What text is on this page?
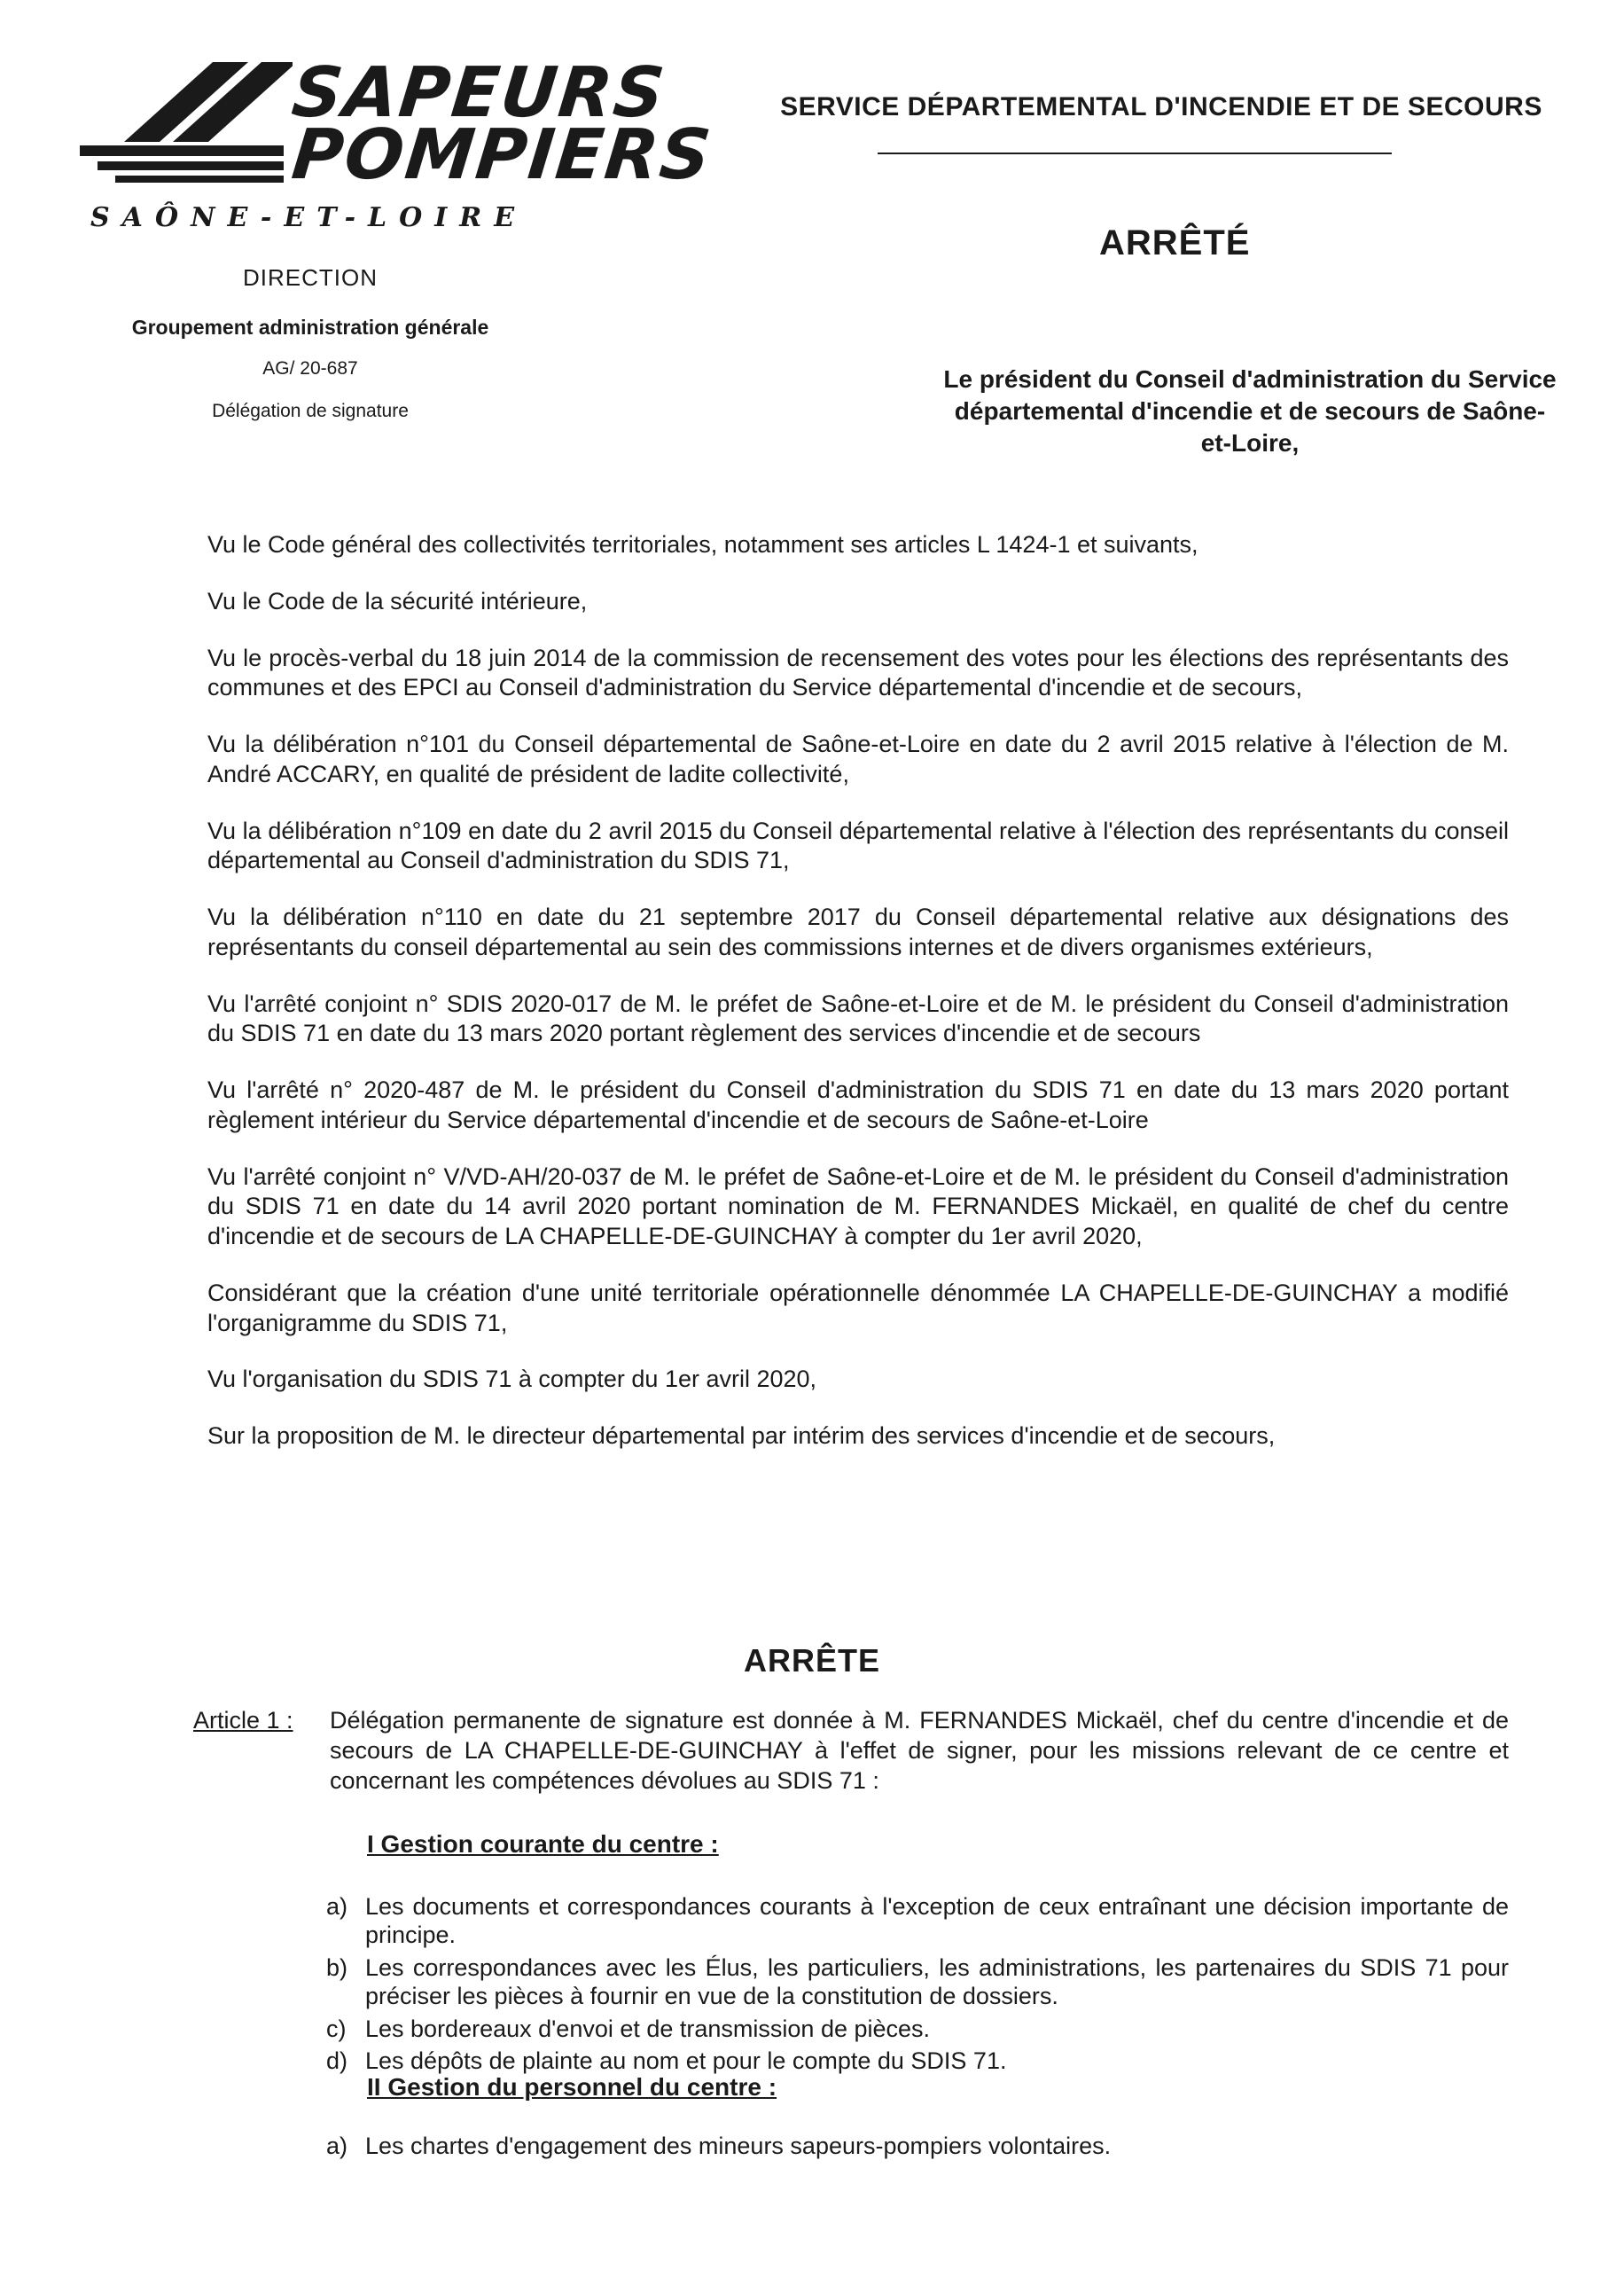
SAPEURS
POMPIERS
SAÔNE-ET-LOIRE
DIRECTION
Groupement administration générale
AG/ 20-687
Délégation de signature
SERVICE DÉPARTEMENTAL D'INCENDIE ET DE SECOURS
ARRÊTÉ
Le président du Conseil d'administration du Service départemental d'incendie et de secours de Saône-et-Loire,

Vu le Code général des collectivités territoriales, notamment ses articles L 1424-1 et suivants,

Vu le Code de la sécurité intérieure,

Vu le procès-verbal du 18 juin 2014 de la commission de recensement des votes pour les élections des représentants des communes et des EPCI au Conseil d'administration du Service départemental d'incendie et de secours,

Vu la délibération n°101 du Conseil départemental de Saône-et-Loire en date du 2 avril 2015 relative à l'élection de M. André ACCARY, en qualité de président de ladite collectivité,

Vu la délibération n°109 en date du 2 avril 2015 du Conseil départemental relative à l'élection des représentants du conseil départemental au Conseil d'administration du SDIS 71,

Vu la délibération n°110 en date du 21 septembre 2017 du Conseil départemental relative aux désignations des représentants du conseil départemental au sein des commissions internes et de divers organismes extérieurs,

Vu l'arrêté conjoint n° SDIS 2020-017 de M. le préfet de Saône-et-Loire et de M. le président du Conseil d'administration du SDIS 71 en date du 13 mars 2020 portant règlement des services d'incendie et de secours

Vu l'arrêté n° 2020-487 de M. le président du Conseil d'administration du SDIS 71 en date du 13 mars 2020 portant règlement intérieur du Service départemental d'incendie et de secours de Saône-et-Loire

Vu l'arrêté conjoint n° V/VD-AH/20-037 de M. le préfet de Saône-et-Loire et de M. le président du Conseil d'administration du SDIS 71 en date du 14 avril 2020 portant nomination de M. FERNANDES Mickaël, en qualité de chef du centre d'incendie et de secours de LA CHAPELLE-DE-GUINCHAY à compter du 1er avril 2020,

Considérant que la création d'une unité territoriale opérationnelle dénommée LA CHAPELLE-DE-GUINCHAY a modifié l'organigramme du SDIS 71,

Vu l'organisation du SDIS 71 à compter du 1er avril 2020,

Sur la proposition de M. le directeur départemental par intérim des services d'incendie et de secours,

ARRÊTE
Article 1 : Délégation permanente de signature est donnée à M. FERNANDES Mickaël, chef du centre d'incendie et de secours de LA CHAPELLE-DE-GUINCHAY à l'effet de signer, pour les missions relevant de ce centre et concernant les compétences dévolues au SDIS 71 :
I Gestion courante du centre :
a) Les documents et correspondances courants à l'exception de ceux entraînant une décision importante de principe.
b) Les correspondances avec les Élus, les particuliers, les administrations, les partenaires du SDIS 71 pour préciser les pièces à fournir en vue de la constitution de dossiers.
c) Les bordereaux d'envoi et de transmission de pièces.
d) Les dépôts de plainte au nom et pour le compte du SDIS 71.
II Gestion du personnel du centre :
a) Les chartes d'engagement des mineurs sapeurs-pompiers volontaires.
